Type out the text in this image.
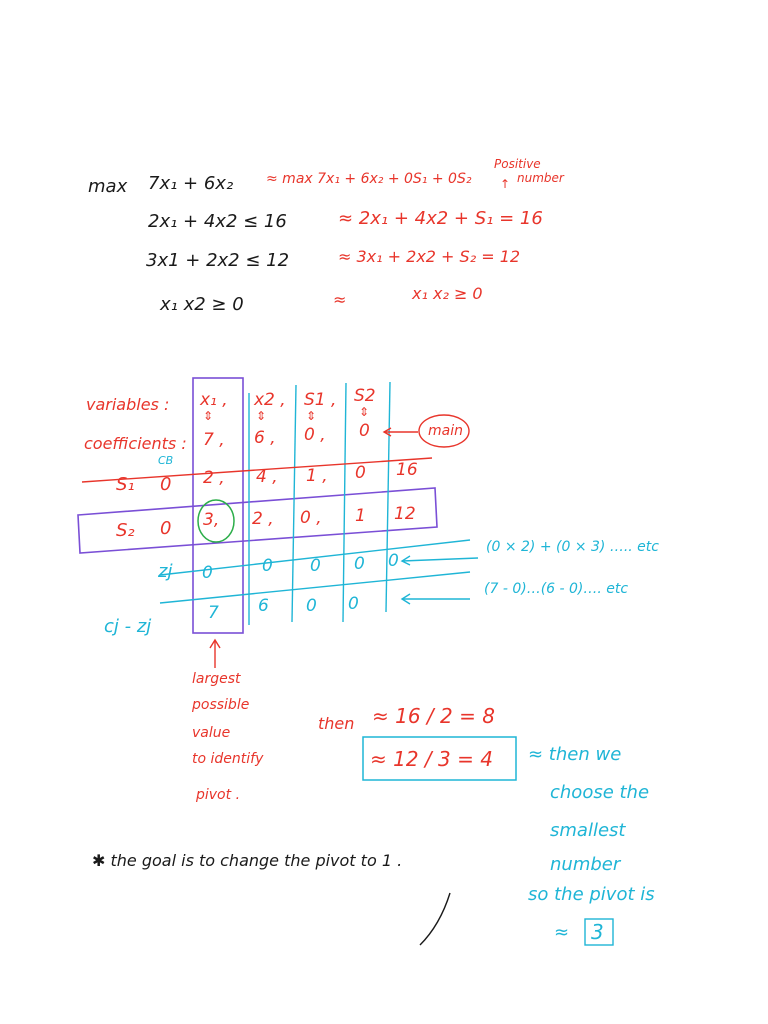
max 7x₁ + 6x₂
2x₁ + 4x2 ≤ 16
3x1 + 2x2 ≤ 12
x₁ x2 ≥ 0
≈ max 7x₁ + 6x₂ + 0S₁ + 0S₂
≈ 2x₁ + 4x2 + S₁ = 16
≈ 3x₁ + 2x2 + S₂ = 12
≈	x₁ x₂ ≥ 0
Positive
number
↑
variables :
coefficients :
CB
main
x₁ , x2 , S1 , S2
⇕	⇕	⇕	⇕
7 , 6 , 0 , 0
S₁ 0 2 , 4 , 1 , 0 16
S₂ 0 3, 2 , 0 , 1 12
zj 0	0 0 0 0
(0 × 2) + (0 × 3) ….. etc
cj - zj
7 6 0 0
(7 - 0)…(6 - 0)…. etc
largest
possible
value
to identify
pivot .
then ≈ 16 / 2 = 8
≈ 12 / 3 = 4 ≈ then we
choose the
smallest
number
so the pivot is
≈ 3
✱ the goal is to change the pivot to 1 .
